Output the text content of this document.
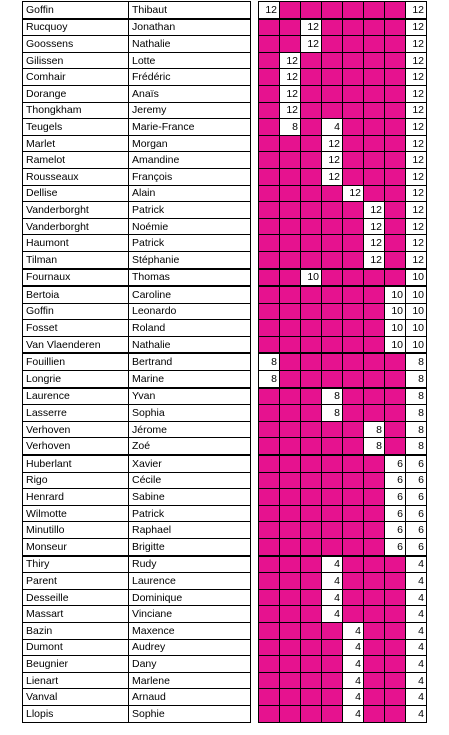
Goffin	Thibaut		12							12
Rucquoy	Jonathan				12					12
Goossens	Nathalie				12					12
Gilissen	Lotte			12						12
Comhair	Frédéric			12						12
Dorange	Anaïs			12						12
Thongkham	Jeremy			12						12
Teugels	Marie-France			8		4				12
Marlet	Morgan					12				12
Ramelot	Amandine					12				12
Rousseaux	François					12				12
Dellise	Alain						12			12
Vanderborght	Patrick							12		12
Vanderborght	Noémie							12		12
Haumont	Patrick							12		12
Tilman	Stéphanie							12		12
Fournaux	Thomas				10					10
Bertoia	Caroline								10	10
Goffin	Leonardo								10	10
Fosset	Roland								10	10
Van Vlaenderen	Nathalie								10	10
Fouillien	Bertrand		8							8
Longrie	Marine		8							8
Laurence	Yvan					8				8
Lasserre	Sophia					8				8
Verhoven	Jérome							8		8
Verhoven	Zoé							8		8
Huberlant	Xavier								6	6
Rigo	Cécile								6	6
Henrard	Sabine								6	6
Wilmotte	Patrick								6	6
Minutillo	Raphael								6	6
Monseur	Brigitte								6	6
Thiry	Rudy					4				4
Parent	Laurence					4				4
Desseille	Dominique					4				4
Massart	Vinciane					4				4
Bazin	Maxence						4			4
Dumont	Audrey						4			4
Beugnier	Dany						4			4
Lienart	Marlene						4			4
Vanval	Arnaud						4			4
Llopis	Sophie						4			4
